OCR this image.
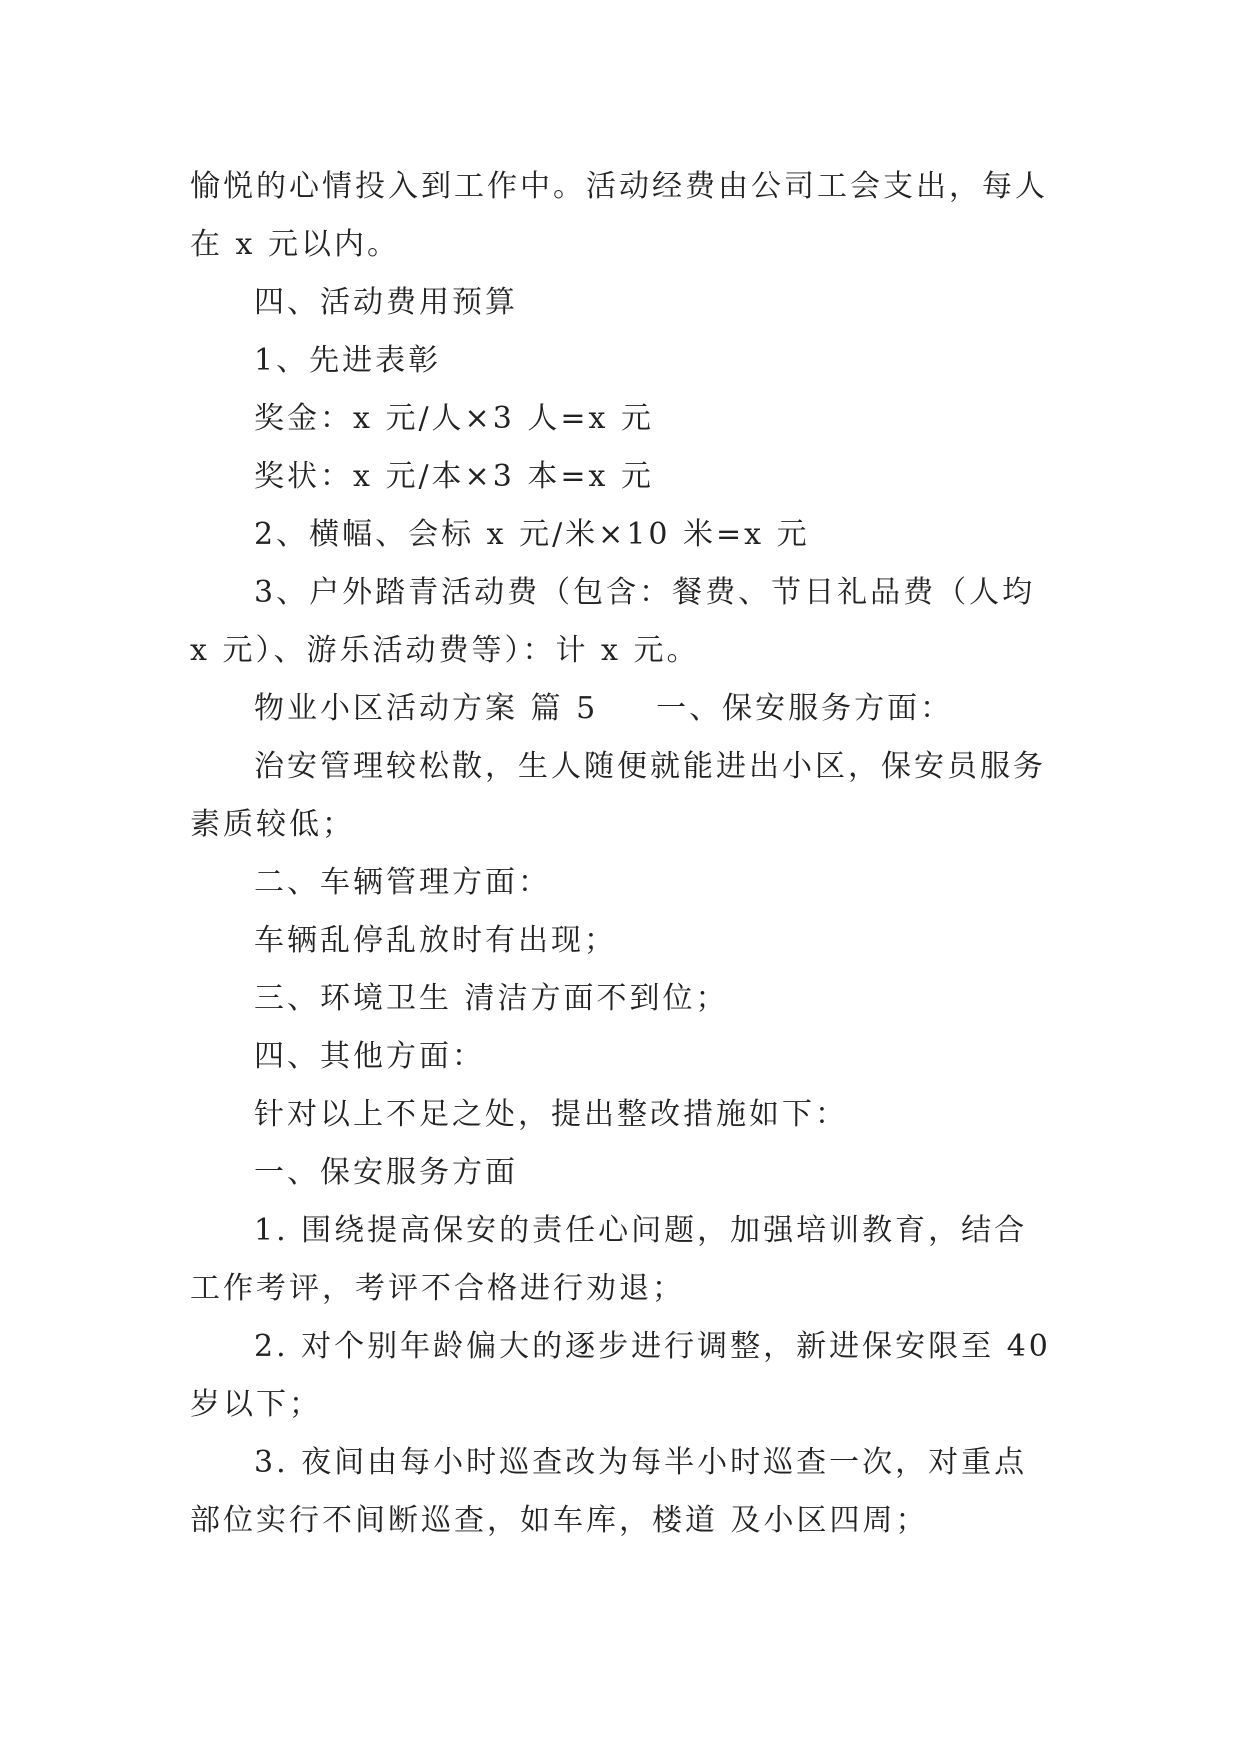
愉悦的心情投入到工作中。活动经费由公司工会支出，每人在 x 元以内。

四、活动费用预算

1、先进表彰

奖金：x 元/人×3 人=x 元

奖状：x 元/本×3 本=x 元

2、横幅、会标 x 元/米×10 米=x 元

3、户外踏青活动费（包含：餐费、节日礼品费（人均 x 元）、游乐活动费等）：计 x 元。

物业小区活动方案 篇 5 一、保安服务方面：

治安管理较松散，生人随便就能进出小区，保安员服务素质较低；

二、车辆管理方面：

车辆乱停乱放时有出现；

三、环境卫生 清洁方面不到位；

四、其他方面：

针对以上不足之处，提出整改措施如下：

一、保安服务方面

1. 围绕提高保安的责任心问题，加强培训教育，结合工作考评，考评不合格进行劝退；

2. 对个别年龄偏大的逐步进行调整，新进保安限至 40 岁以下；

3. 夜间由每小时巡查改为每半小时巡查一次，对重点部位实行不间断巡查，如车库，楼道 及小区四周；
